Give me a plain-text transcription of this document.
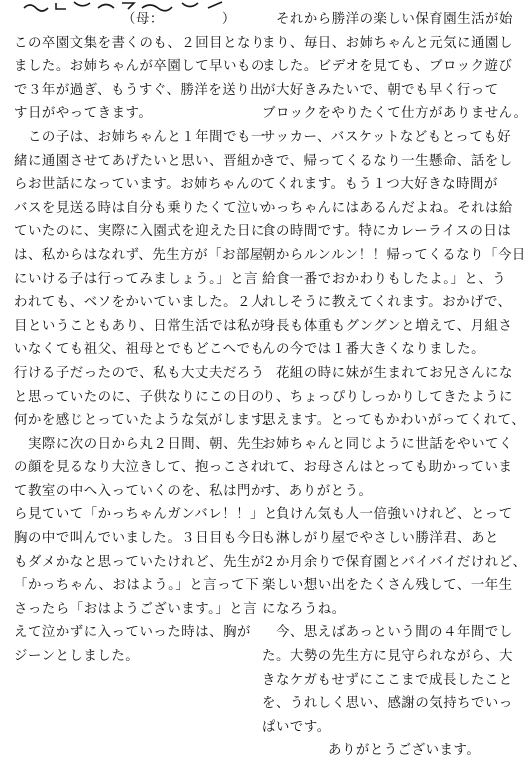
（母：	）
この卒園文集を書くのも、２回目となり
ました。お姉ちゃんが卒園して早いもの
で３年が過ぎ、もうすぐ、勝洋を送り出
す日がやってきます。
　この子は、お姉ちゃんと１年間でも一
緒に通園させてあげたいと思い、晋組か
らお世話になっています。お姉ちゃんの
バスを見送る時は自分も乗りたくて泣い
ていたのに、実際に入園式を迎えた日に
は、私からはなれず、先生方が「お部屋
にいける子は行ってみましょう。」と言
われても、ベソをかいていました。２人
目ということもあり、日常生活では私が
いなくても祖父、祖母とでもどこへでも
行ける子だったので、私も大丈夫だろう
と思っていたのに、子供なりにこの日の
何かを感じとっていたような気がします。
　実際に次の日から丸２日間、朝、先生
の顔を見るなり大泣きして、抱っこされ
て教室の中へ入っていくのを、私は門か
ら見ていて「かっちゃんガンバレ！！」と
胸の中で叫んでいました。３日目も今日
もダメかなと思っていたけれど、先生が
「かっちゃん、おはよう。」と言って下
さったら「おはようございます。」と言
えて泣かずに入っていった時は、胸が
ジーンとしました。
　それから勝洋の楽しい保育園生活が始
まり、毎日、お姉ちゃんと元気に通園し
ました。ビデオを見ても、ブロック遊び
が大好きみたいで、朝でも早く行って
ブロックをやりたくて仕方がありません。
サッカー、バスケットなどもとっても好
きで、帰ってくるなり一生懸命、話をし
てくれます。もう１つ大好きな時間が
かっちゃんにはあるんだよね。それは給
食の時間です。特にカレーライスの日は
朝からルンルン！！帰ってくるなり「今日
給食一番でおかわりもしたよ。」と、う
れしそうに教えてくれます。おかげで、
身長も体重もグングンと増えて、月組さ
んの今では１番大きくなりました。
　花組の時に妹が生まれてお兄さんにな
り、ちょっぴりしっかりしてきたように
思えます。とってもかわいがってくれて、
お姉ちゃんと同じように世話をやいてく
れて、お母さんはとっても助かっていま
す、ありがとう。
　負けん気も人一倍強いけれど、とって
も淋しがり屋でやさしい勝洋君、あと
２か月余りで保育園とバイバイだけれど、
楽しい想い出をたくさん残して、一年生
になろうね。
　今、思えばあっという間の４年間でし
た。大勢の先生方に見守られながら、大
きなケガもせずにここまで成長したこと
を、うれしく思い、感謝の気持ちでいっ
ぱいです。
ありがとうございます。
